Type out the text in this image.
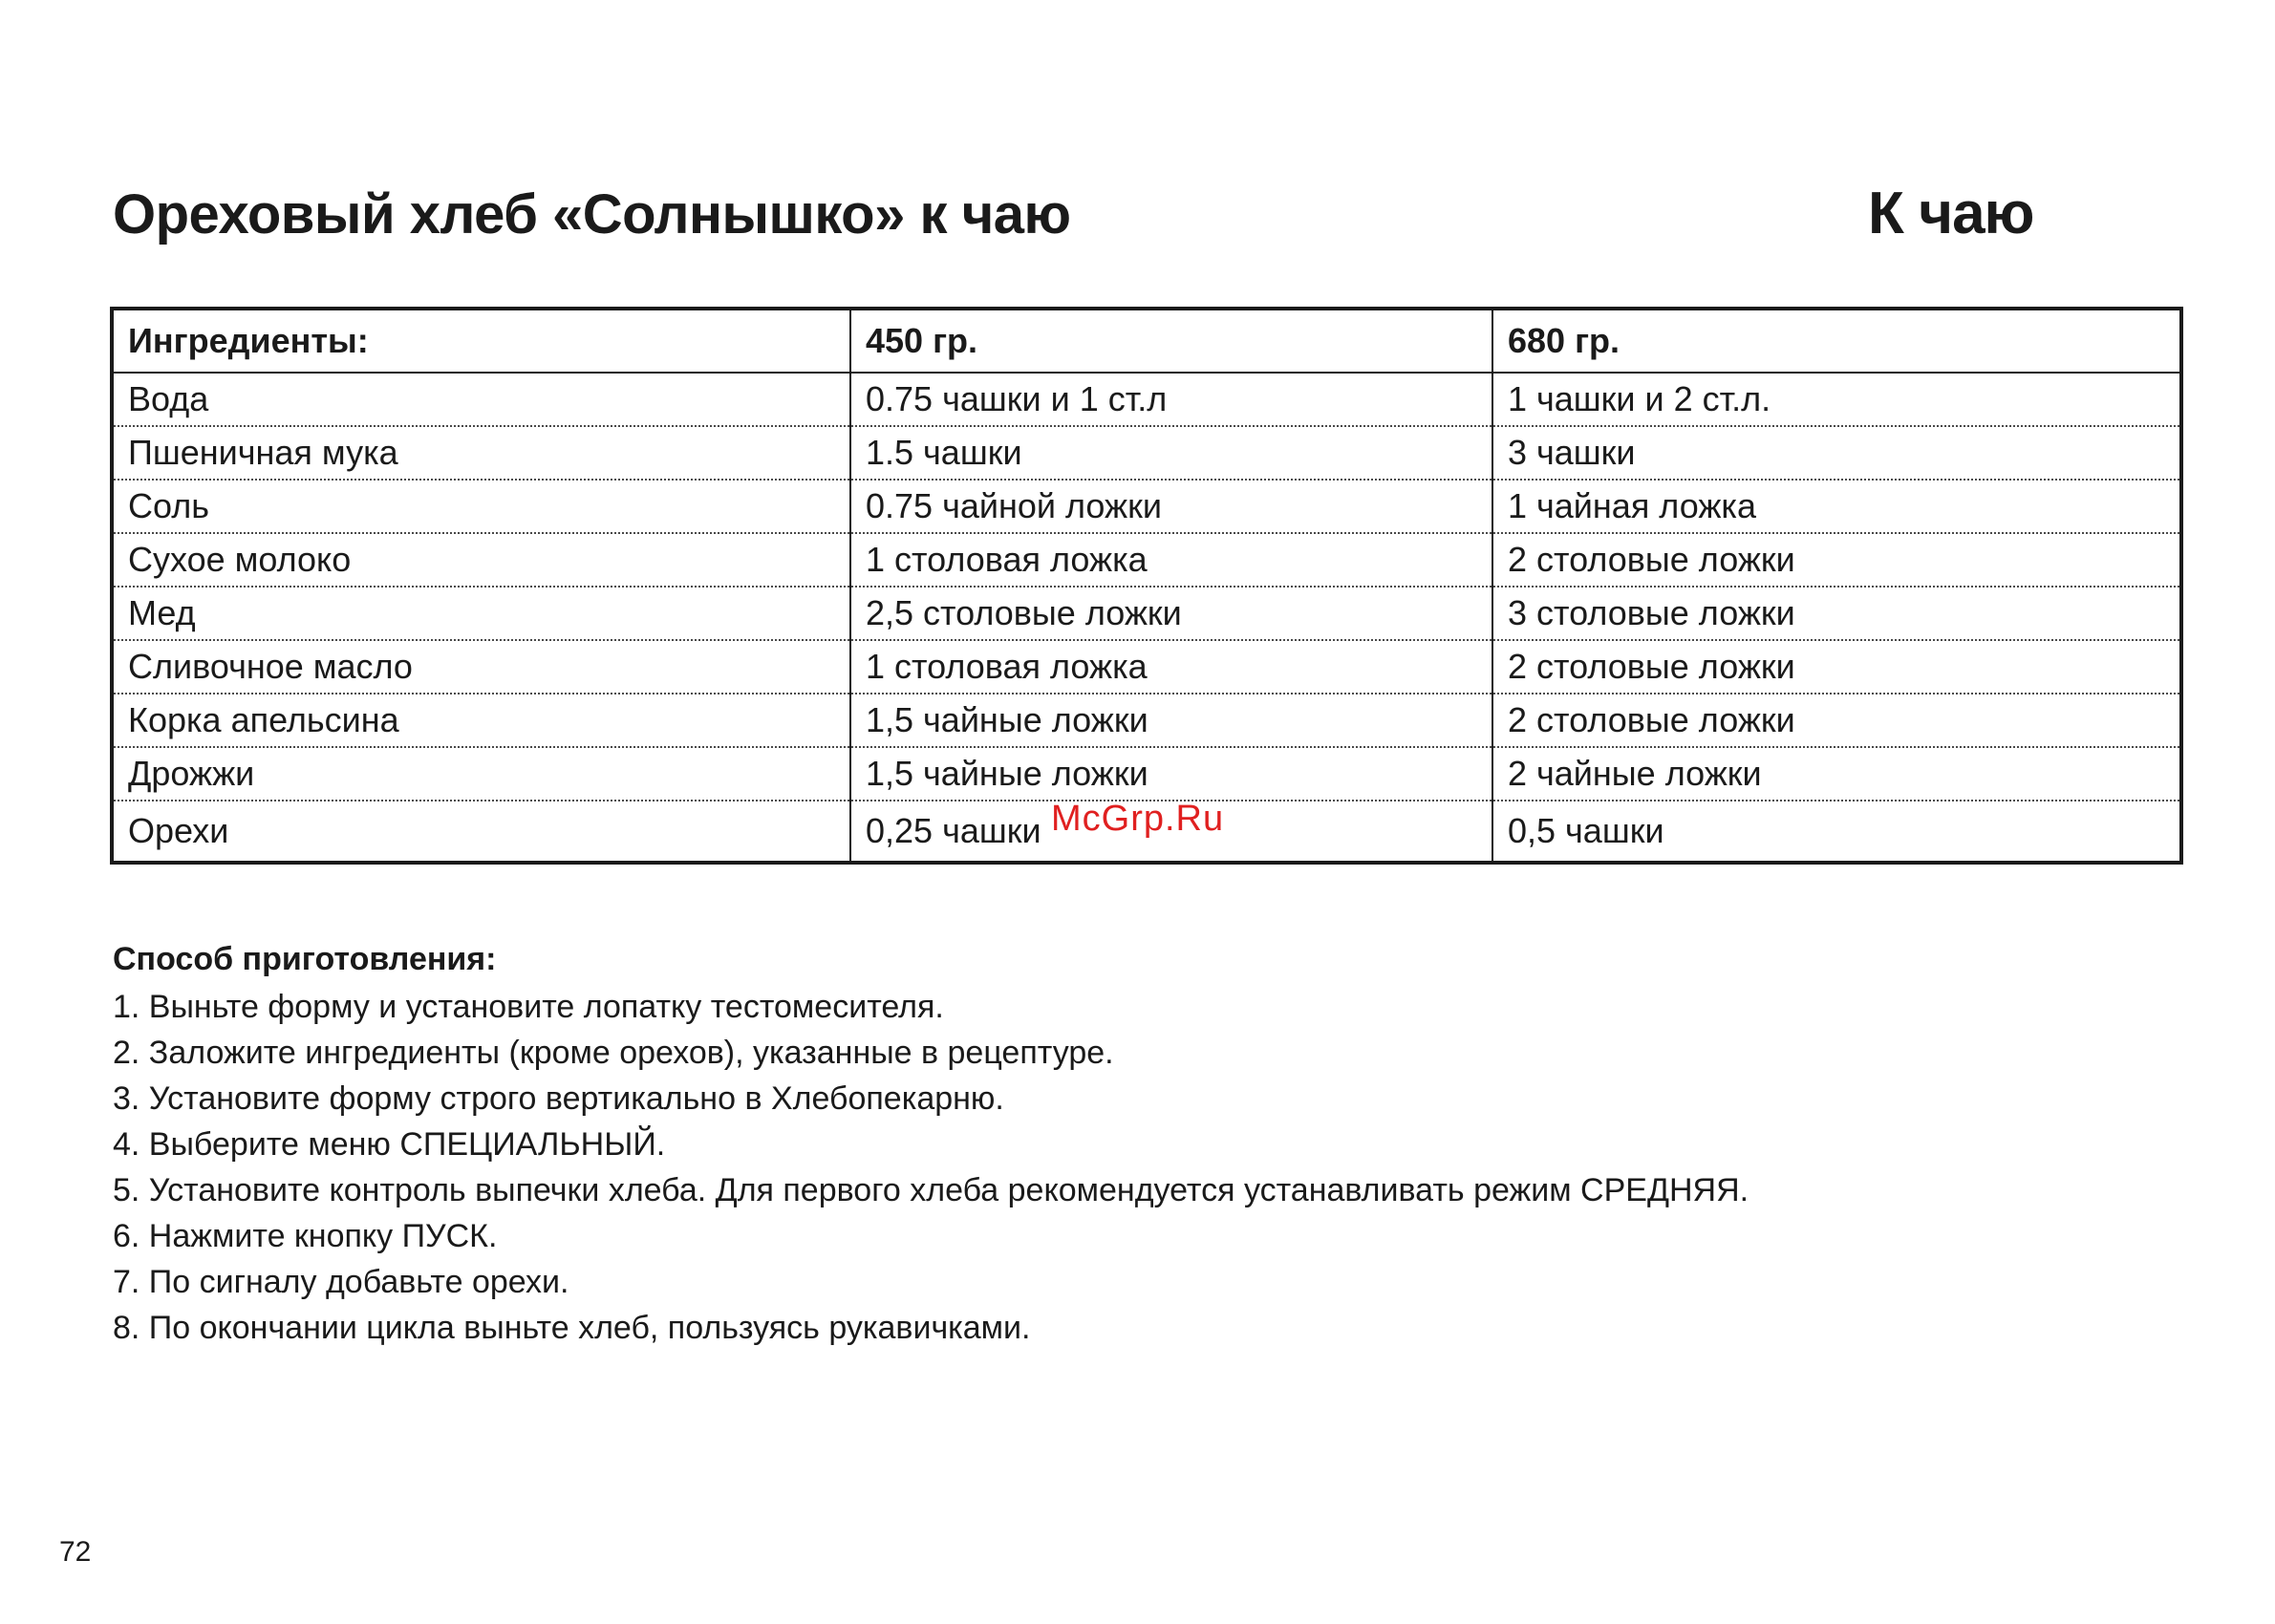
Ореховый хлеб «Солнышко» к чаю	К чаю
Ингредиенты:	450 гр.	680 гр.
Вода	0.75 чашки и 1 ст.л	1 чашки и 2 ст.л.
Пшеничная мука	1.5 чашки	3 чашки
Соль	0.75 чайной ложки	1 чайная ложка
Сухое молоко	1 столовая ложка	2 столовые ложки
Мед	2,5 столовые ложки	3 столовые ложки
Сливочное масло	1 столовая ложка	2 столовые ложки
Корка апельсина	1,5 чайные ложки	2 столовые ложки
Дрожжи	1,5 чайные ложки	2 чайные ложки
Орехи	0,25 чашки	0,5 чашки
McGrp.Ru
Способ приготовления:
1. Выньте форму и установите лопатку тестомесителя.
2. Заложите ингредиенты (кроме орехов), указанные в рецептуре.
3. Установите форму строго вертикально в Хлебопекарню.
4. Выберите меню СПЕЦИАЛЬНЫЙ.
5. Установите контроль выпечки хлеба. Для первого хлеба рекомендуется устанавливать режим СРЕДНЯЯ.
6. Нажмите кнопку ПУСК.
7. По сигналу добавьте орехи.
8. По окончании цикла выньте хлеб, пользуясь рукавичками.
72
